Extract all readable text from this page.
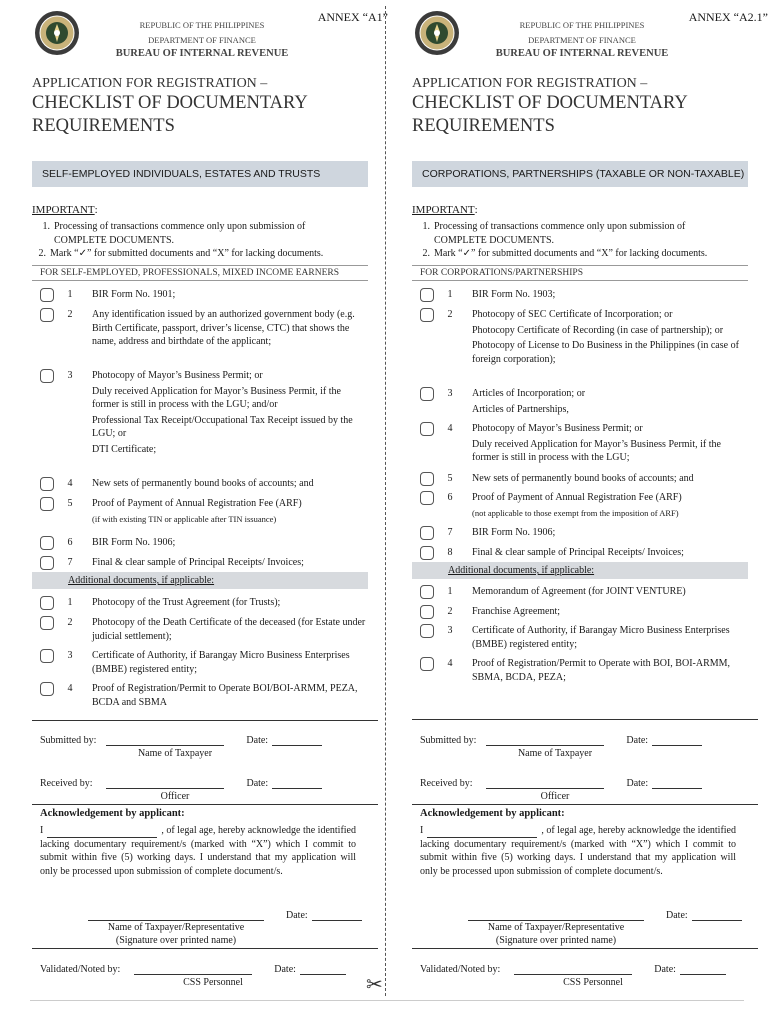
✂
ANNEX “A1”
REPUBLIC OF THE PHILIPPINES
DEPARTMENT OF FINANCE
BUREAU OF INTERNAL REVENUE
APPLICATION FOR REGISTRATION –
CHECKLIST OF DOCUMENTARY
REQUIREMENTS
SELF-EMPLOYED INDIVIDUALS, ESTATES AND TRUSTS
IMPORTANT:
1. Processing of transactions commence only upon submission of
COMPLETE DOCUMENTS.
2. Mark “✓” for submitted documents and “X” for lacking documents.
FOR SELF-EMPLOYED, PROFESSIONALS, MIXED INCOME EARNERS
1	BIR Form No. 1901;

2	Any identification issued by an authorized government body (e.g. Birth Certificate, passport, driver’s license, CTC) that shows the name, address and birthdate of the applicant;

3	Photocopy of Mayor’s Business Permit; or

Duly received Application for Mayor’s Business Permit, if the former is still in process with the LGU; and/or

Professional Tax Receipt/Occupational Tax Receipt issued by the LGU; or

DTI Certificate;

4	New sets of permanently bound books of accounts; and

5	Proof of Payment of Annual Registration Fee (ARF)

(if with existing TIN or applicable after TIN issuance)

6	BIR Form No. 1906;

7	Final & clear sample of Principal Receipts/ Invoices;

Additional documents, if applicable:
1	Photocopy of the Trust Agreement (for Trusts);

2	Photocopy of the Death Certificate of the deceased (for Estate under judicial settlement);

3	Certificate of Authority, if Barangay Micro Business Enterprises (BMBE) registered entity;

4	Proof of Registration/Permit to Operate BOI/BOI-ARMM, PEZA, BCDA and SBMA

Submitted by:	Date:
Name of Taxpayer
Received by:	Date:
Officer
Acknowledgement by applicant:
I	, of legal age, hereby acknowledge the identified lacking documentary requirement/s (marked with “X”) which I commit to submit within five (5) working days. I understand that my application will only be processed upon submission of complete document/s.
Date:
Name of Taxpayer/Representative
(Signature over printed name)
Validated/Noted by:	Date:
CSS Personnel
ANNEX “A2.1”
REPUBLIC OF THE PHILIPPINES
DEPARTMENT OF FINANCE
BUREAU OF INTERNAL REVENUE
APPLICATION FOR REGISTRATION –
CHECKLIST OF DOCUMENTARY
REQUIREMENTS
CORPORATIONS, PARTNERSHIPS (TAXABLE OR NON-TAXABLE)
IMPORTANT:
1. Processing of transactions commence only upon submission of
COMPLETE DOCUMENTS.
2. Mark “✓” for submitted documents and “X” for lacking documents.
FOR CORPORATIONS/PARTNERSHIPS
1	BIR Form No. 1903;

2	Photocopy of SEC Certificate of Incorporation; or

Photocopy Certificate of Recording (in case of partnership); or

Photocopy of License to Do Business in the Philippines (in case of foreign corporation);

3	Articles of Incorporation; or

Articles of Partnerships,

4	Photocopy of Mayor’s Business Permit; or

Duly received Application for Mayor’s Business Permit, if the former is still in process with the LGU;

5	New sets of permanently bound books of accounts; and

6	Proof of Payment of Annual Registration Fee (ARF)

(not applicable to those exempt from the imposition of ARF)

7	BIR Form No. 1906;

8	Final & clear sample of Principal Receipts/ Invoices;

Additional documents, if applicable:
1	Memorandum of Agreement (for JOINT VENTURE)

2	Franchise Agreement;

3	Certificate of Authority, if Barangay Micro Business Enterprises (BMBE) registered entity;

4	Proof of Registration/Permit to Operate with BOI, BOI-ARMM, SBMA, BCDA, PEZA;

Submitted by:	Date:
Name of Taxpayer
Received by:	Date:
Officer
Acknowledgement by applicant:
I	, of legal age, hereby acknowledge the identified lacking documentary requirement/s (marked with “X”) which I commit to submit within five (5) working days. I understand that my application will only be processed upon submission of complete document/s.
Date:
Name of Taxpayer/Representative
(Signature over printed name)
Validated/Noted by:	Date:
CSS Personnel
